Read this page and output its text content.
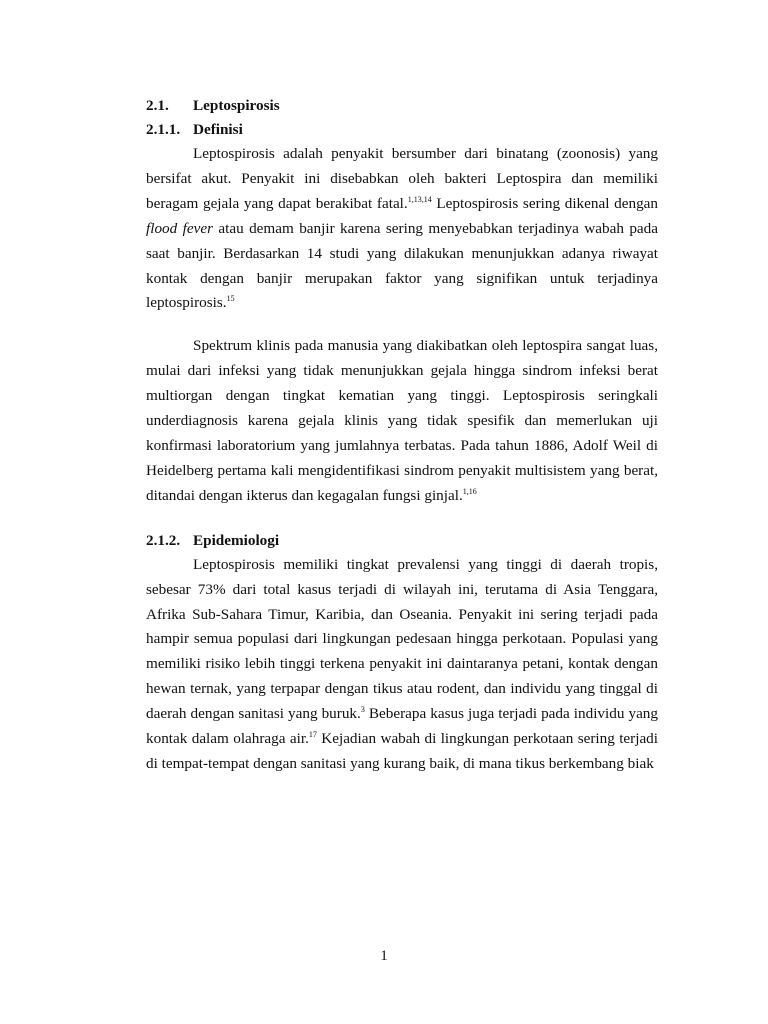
2.1.	Leptospirosis
2.1.1. Definisi

Leptospirosis adalah penyakit bersumber dari binatang (zoonosis) yang bersifat akut. Penyakit ini disebabkan oleh bakteri Leptospira dan memiliki beragam gejala yang dapat berakibat fatal.$^{1,13,14}$ Leptospirosis sering dikenal dengan flood fever atau demam banjir karena sering menyebabkan terjadinya wabah pada saat banjir. Berdasarkan 14 studi yang dilakukan menunjukkan adanya riwayat kontak dengan banjir merupakan faktor yang signifikan untuk terjadinya leptospirosis.$^{15}$

Spektrum klinis pada manusia yang diakibatkan oleh leptospira sangat luas, mulai dari infeksi yang tidak menunjukkan gejala hingga sindrom infeksi berat multiorgan dengan tingkat kematian yang tinggi. Leptospirosis seringkali underdiagnosis karena gejala klinis yang tidak spesifik dan memerlukan uji konfirmasi laboratorium yang jumlahnya terbatas. Pada tahun 1886, Adolf Weil di Heidelberg pertama kali mengidentifikasi sindrom penyakit multisistem yang berat, ditandai dengan ikterus dan kegagalan fungsi ginjal.$^{1,16}$

2.1.2. Epidemiologi

Leptospirosis memiliki tingkat prevalensi yang tinggi di daerah tropis, sebesar 73% dari total kasus terjadi di wilayah ini, terutama di Asia Tenggara, Afrika Sub-Sahara Timur, Karibia, dan Oseania. Penyakit ini sering terjadi pada hampir semua populasi dari lingkungan pedesaan hingga perkotaan. Populasi yang memiliki risiko lebih tinggi terkena penyakit ini daintaranya petani, kontak dengan hewan ternak, yang terpapar dengan tikus atau rodent, dan individu yang tinggal di daerah dengan sanitasi yang buruk.$^3$ Beberapa kasus juga terjadi pada individu yang kontak dalam olahraga air.$^{17}$ Kejadian wabah di lingkungan perkotaan sering terjadi di tempat-tempat dengan sanitasi yang kurang baik, di mana tikus berkembang biak

1
